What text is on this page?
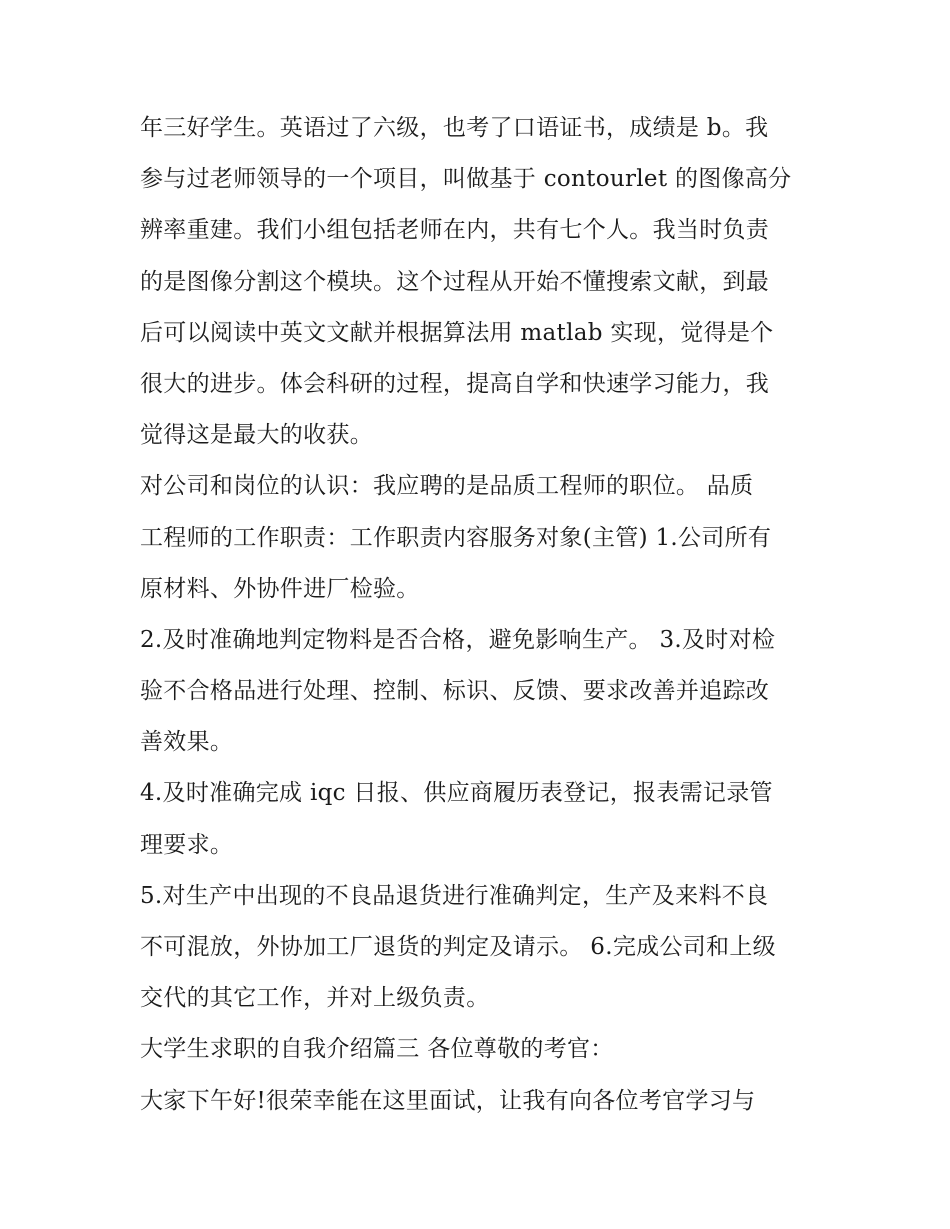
年三好学生。英语过了六级，也考了口语证书，成绩是 b。我
参与过老师领导的一个项目，叫做基于 contourlet 的图像高分
辨率重建。我们小组包括老师在内，共有七个人。我当时负责
的是图像分割这个模块。这个过程从开始不懂搜索文献，到最
后可以阅读中英文文献并根据算法用 matlab 实现，觉得是个
很大的进步。体会科研的过程，提高自学和快速学习能力，我
觉得这是最大的收获。
对公司和岗位的认识：我应聘的是品质工程师的职位。 品质
工程师的工作职责：工作职责内容服务对象(主管) 1.公司所有
原材料、外协件进厂检验。
2.及时准确地判定物料是否合格，避免影响生产。 3.及时对检
验不合格品进行处理、控制、标识、反馈、要求改善并追踪改
善效果。
4.及时准确完成 iqc 日报、供应商履历表登记，报表需记录管
理要求。
5.对生产中出现的不良品退货进行准确判定，生产及来料不良
不可混放，外协加工厂退货的判定及请示。 6.完成公司和上级
交代的其它工作，并对上级负责。
大学生求职的自我介绍篇三 各位尊敬的考官：
大家下午好!很荣幸能在这里面试，让我有向各位考官学习与
